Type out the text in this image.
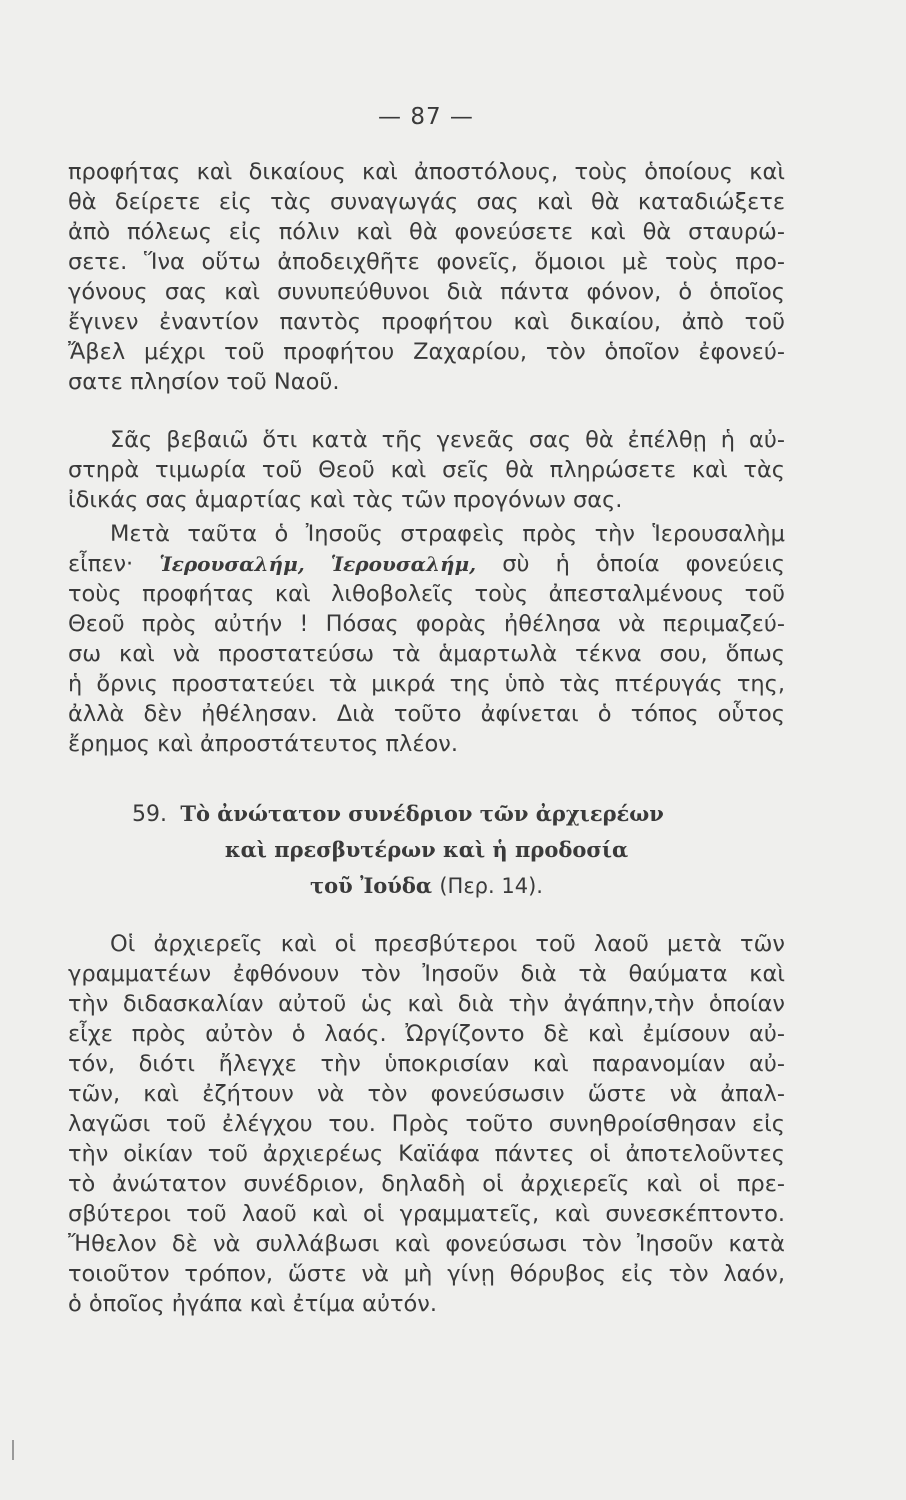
— 87 —
προφήτας καὶ δικαίους καὶ ἀποστόλους, τοὺς ὁποίους καὶ
θὰ δείρετε εἰς τὰς συναγωγάς σας καὶ θὰ καταδιώξετε
ἀπὸ πόλεως εἰς πόλιν καὶ θὰ φονεύσετε καὶ θὰ σταυρώ-
σετε. Ἵνα οὕτω ἀποδειχθῆτε φονεῖς, ὅμοιοι μὲ τοὺς προ-
γόνους σας καὶ συνυπεύθυνοι διὰ πάντα φόνον, ὁ ὁποῖος
ἔγινεν ἐναντίον παντὸς προφήτου καὶ δικαίου, ἀπὸ τοῦ
Ἄβελ μέχρι τοῦ προφήτου Ζαχαρίου, τὸν ὁποῖον ἐφονεύ-
σατε πλησίον τοῦ Ναοῦ.
Σᾶς βεβαιῶ ὅτι κατὰ τῆς γενεᾶς σας θὰ ἐπέλθῃ ἡ αὐ-
στηρὰ τιμωρία τοῦ Θεοῦ καὶ σεῖς θὰ πληρώσετε καὶ τὰς
ἰδικάς σας ἁμαρτίας καὶ τὰς τῶν προγόνων σας.
Μετὰ ταῦτα ὁ Ἰησοῦς στραφεὶς πρὸς τὴν Ἱερουσαλὴμ
εἶπεν· Ἱερουσαλήμ, Ἱερουσαλήμ, σὺ ἡ ὁποία φονεύεις
τοὺς προφήτας καὶ λιθοβολεῖς τοὺς ἀπεσταλμένους τοῦ
Θεοῦ πρὸς αὐτήν ! Πόσας φορὰς ἠθέλησα νὰ περιμαζεύ-
σω καὶ νὰ προστατεύσω τὰ ἁμαρτωλὰ τέκνα σου, ὅπως
ἡ ὄρνις προστατεύει τὰ μικρά της ὑπὸ τὰς πτέρυγάς της,
ἀλλὰ δὲν ἠθέλησαν. Διὰ τοῦτο ἀφίνεται ὁ τόπος οὗτος
ἔρημος καὶ ἀπροστάτευτος πλέον.
59. Τὸ ἀνώτατον συνέδριον τῶν ἀρχιερέων
καὶ πρεσβυτέρων καὶ ἡ προδοσία
τοῦ Ἰούδα (Περ. 14).
Οἱ ἀρχιερεῖς καὶ οἱ πρεσβύτεροι τοῦ λαοῦ μετὰ τῶν
γραμματέων ἐφθόνουν τὸν Ἰησοῦν διὰ τὰ θαύματα καὶ
τὴν διδασκαλίαν αὐτοῦ ὡς καὶ διὰ τὴν ἀγάπην,τὴν ὁποίαν
εἶχε πρὸς αὐτὸν ὁ λαός. Ὠργίζοντο δὲ καὶ ἐμίσουν αὐ-
τόν, διότι ἤλεγχε τὴν ὑποκρισίαν καὶ παρανομίαν αὐ-
τῶν, καὶ ἐζήτουν νὰ τὸν φονεύσωσιν ὥστε νὰ ἀπαλ-
λαγῶσι τοῦ ἐλέγχου του. Πρὸς τοῦτο συνηθροίσθησαν εἰς
τὴν οἰκίαν τοῦ ἀρχιερέως Καϊάφα πάντες οἱ ἀποτελοῦντες
τὸ ἀνώτατον συνέδριον, δηλαδὴ οἱ ἀρχιερεῖς καὶ οἱ πρε-
σβύτεροι τοῦ λαοῦ καὶ οἱ γραμματεῖς, καὶ συνεσκέπτοντο.
Ἤθελον δὲ νὰ συλλάβωσι καὶ φονεύσωσι τὸν Ἰησοῦν κατὰ
τοιοῦτον τρόπον, ὥστε νὰ μὴ γίνῃ θόρυβος εἰς τὸν λαόν,
ὁ ὁποῖος ἠγάπα καὶ ἐτίμα αὐτόν.
